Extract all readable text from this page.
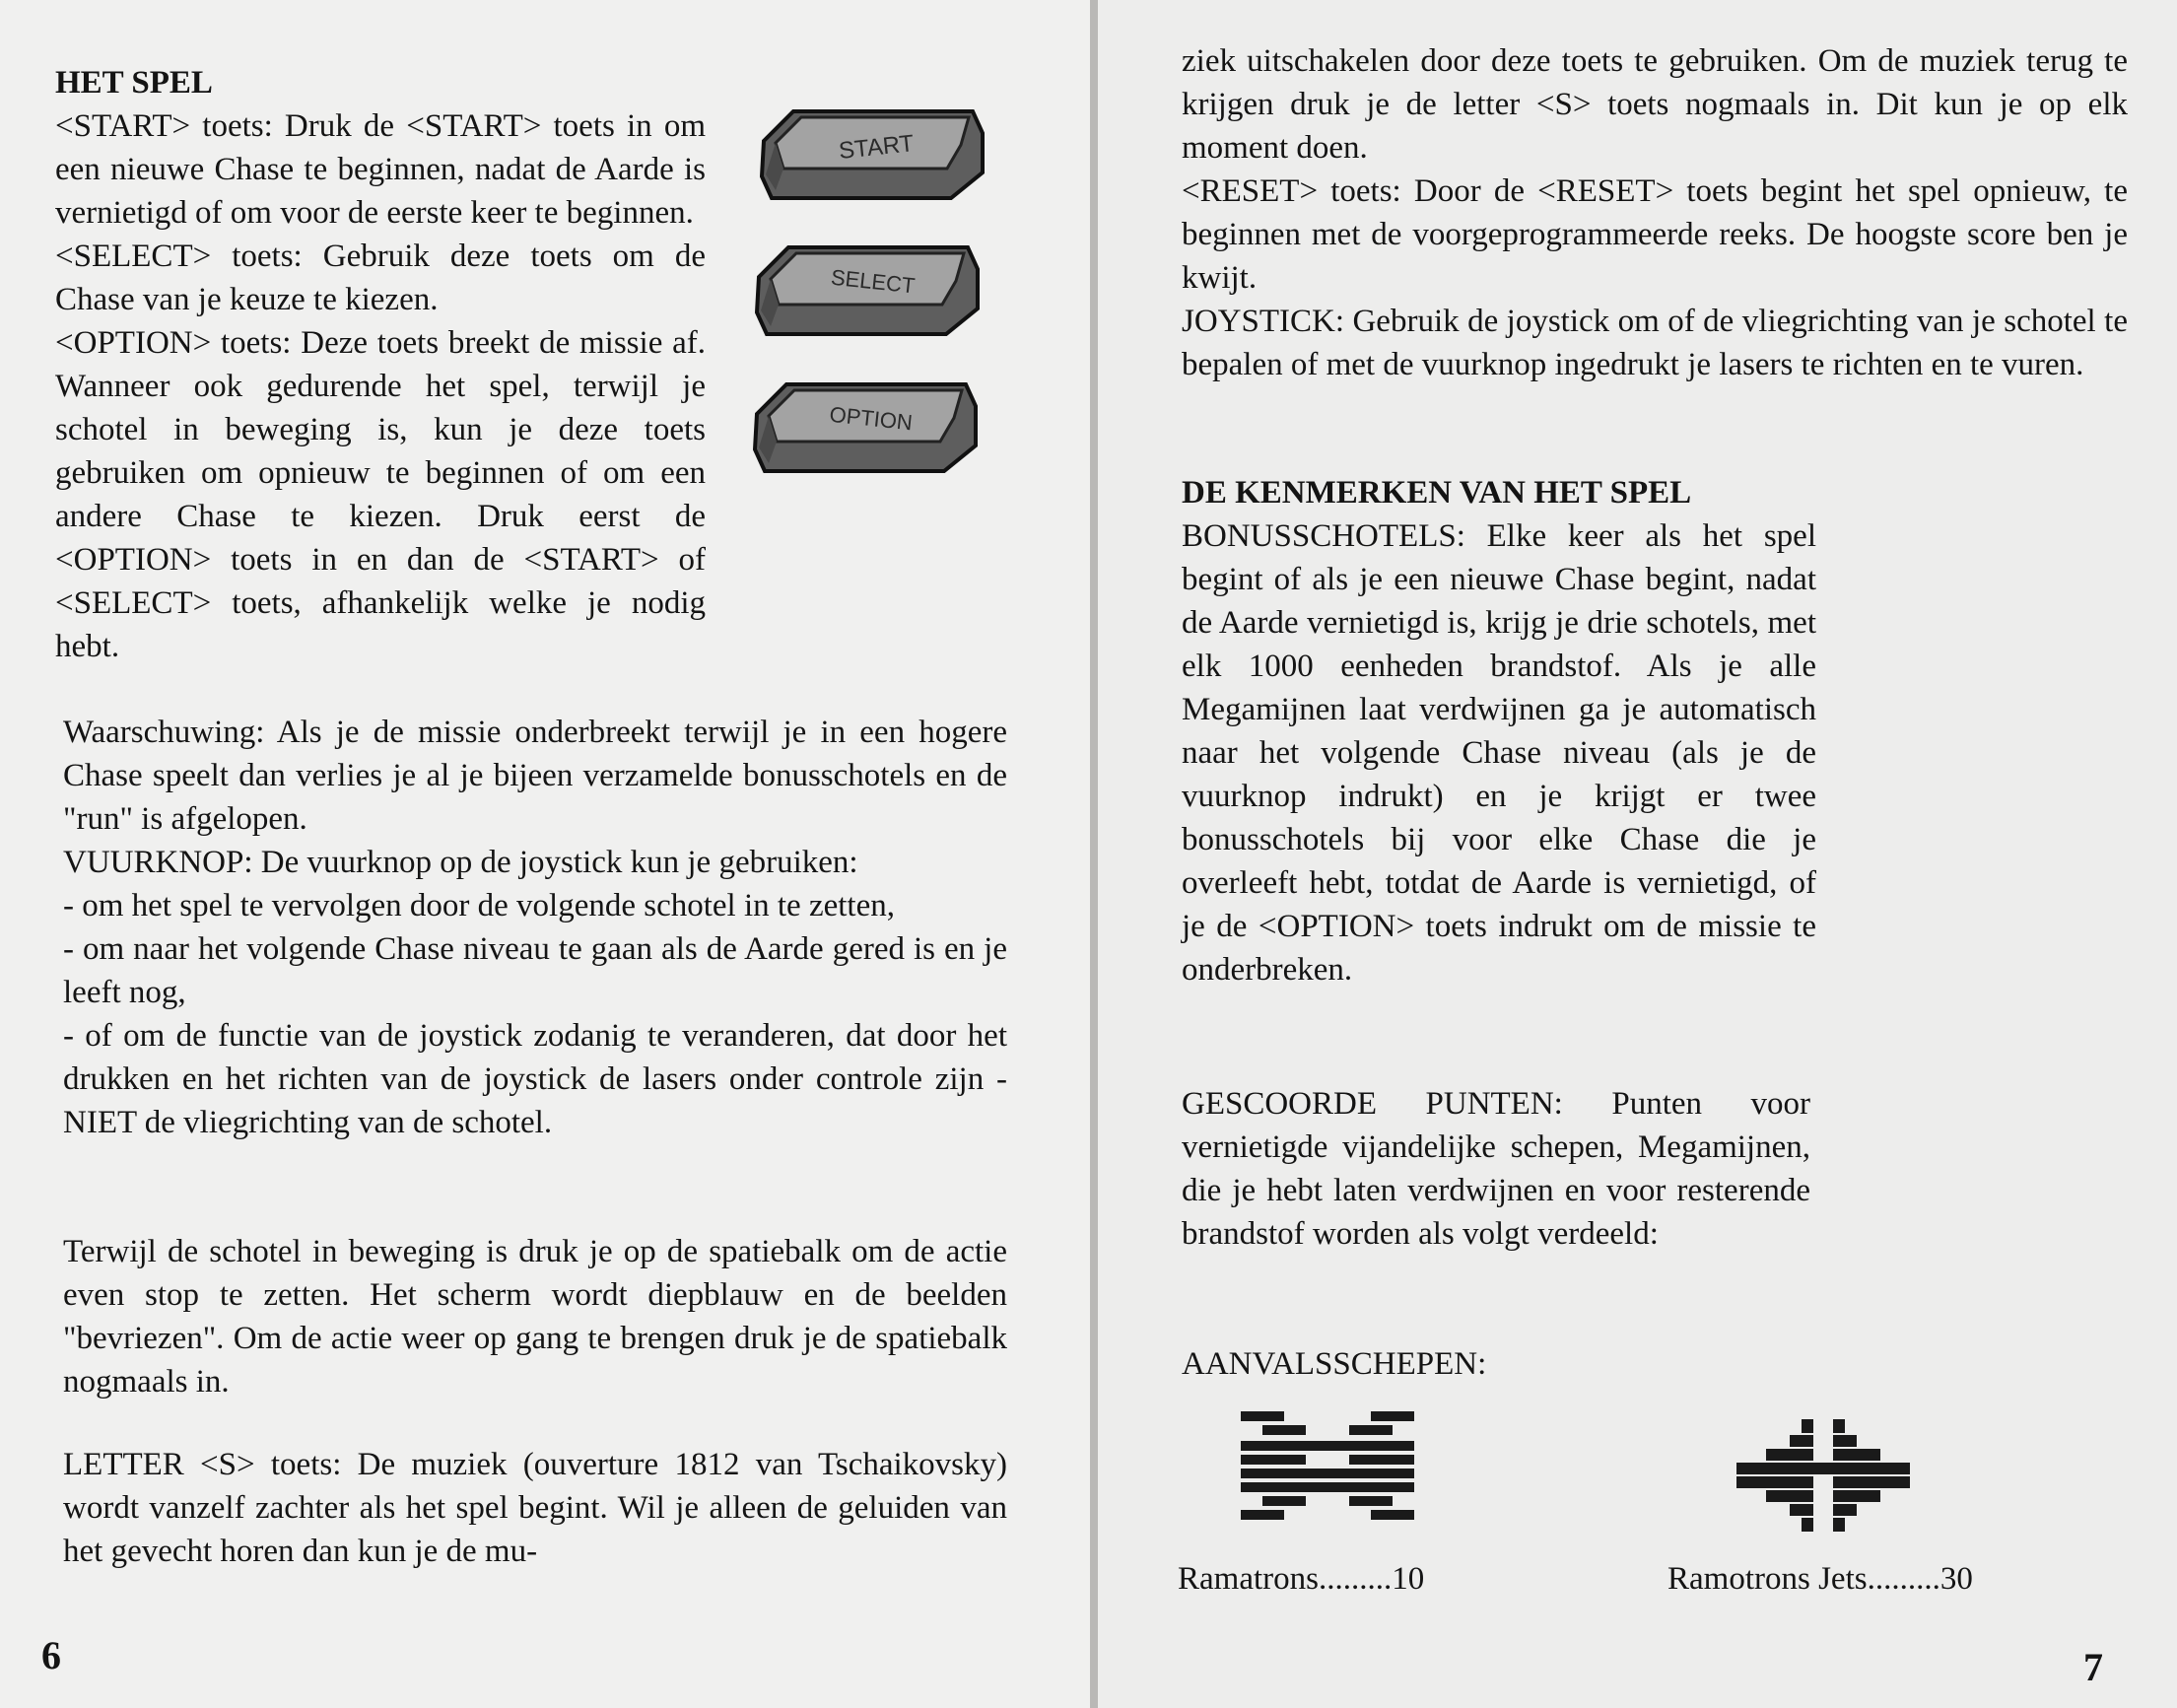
HET SPEL

<START> toets: Druk de <START> toets in om een nieuwe Chase te beginnen, nadat de Aarde is vernietigd of om voor de eerste keer te beginnen.

<SELECT> toets: Gebruik deze toets om de Chase van je keuze te kiezen.

<OPTION> toets: Deze toets breekt de missie af. Wanneer ook gedurende het spel, terwijl je schotel in beweging is, kun je deze toets gebruiken om opnieuw te beginnen of om een andere Chase te kiezen. Druk eerst de <OPTION> toets in en dan de <START> of <SELECT> toets, afhankelijk welke je nodig hebt.

START
SELECT
OPTION

Waarschuwing: Als je de missie onderbreekt terwijl je in een hogere Chase speelt dan verlies je al je bijeen verzamelde bonusschotels en de "run" is afgelopen.

VUURKNOP: De vuurknop op de joystick kun je gebruiken:

- om het spel te vervolgen door de volgende schotel in te zetten,

- om naar het volgende Chase niveau te gaan als de Aarde gered is en je leeft nog,

- of om de functie van de joystick zodanig te veranderen, dat door het drukken en het richten van de joystick de lasers onder controle zijn - NIET de vliegrichting van de schotel.

Terwijl de schotel in beweging is druk je op de spatiebalk om de actie even stop te zetten. Het scherm wordt diepblauw en de beelden "bevriezen". Om de actie weer op gang te brengen druk je de spatiebalk nogmaals in.

LETTER <S> toets: De muziek (ouverture 1812 van Tschaikovsky) wordt vanzelf zachter als het spel begint. Wil je alleen de geluiden van het gevecht horen dan kun je de mu-

6

ziek uitschakelen door deze toets te gebruiken. Om de muziek terug te krijgen druk je de letter <S> toets nogmaals in. Dit kun je op elk moment doen.

<RESET> toets: Door de <RESET> toets begint het spel opnieuw, te beginnen met de voorgeprogrammeerde reeks. De hoogste score ben je kwijt.

JOYSTICK: Gebruik de joystick om of de vliegrichting van je schotel te bepalen of met de vuurknop ingedrukt je lasers te richten en te vuren.

DE KENMERKEN VAN HET SPEL

BONUSSCHOTELS: Elke keer als het spel begint of als je een nieuwe Chase begint, nadat de Aarde vernietigd is, krijg je drie schotels, met elk 1000 eenheden brandstof. Als je alle Megamijnen laat verdwijnen ga je automatisch naar het volgende Chase niveau (als je de vuurknop indrukt) en je krijgt er twee bonusschotels bij voor elke Chase die je overleeft hebt, totdat de Aarde is vernietigd, of je de <OPTION> toets indrukt om de missie te onderbreken.

GESCOORDE PUNTEN: Punten voor vernietigde vijandelijke schepen, Megamijnen, die je hebt laten verdwijnen en voor resterende brandstof worden als volgt verdeeld:

AANVALSSCHEPEN:

Ramatrons.........10	Ramotrons Jets.........30
7
